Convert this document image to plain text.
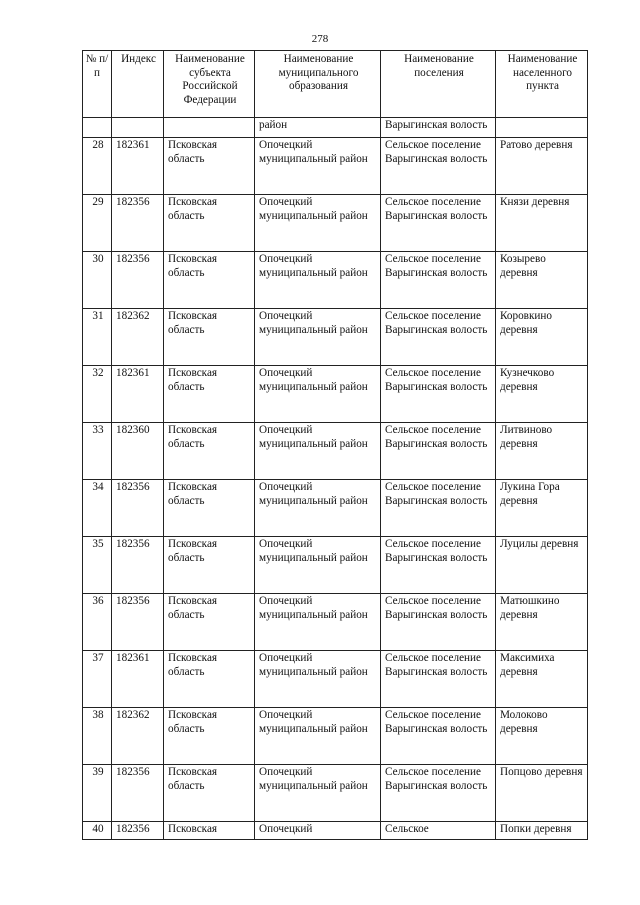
278
№ п/п	Индекс	Наименование субъекта Российской Федерации	Наименование муниципального образования	Наименование поселения	Наименование населенного пункта
			район	Варыгинская волость	
28	182361	Псковская область	Опочецкий муниципальный район	Сельское поселение Варыгинская волость	Ратово деревня
29	182356	Псковская область	Опочецкий муниципальный район	Сельское поселение Варыгинская волость	Князи деревня
30	182356	Псковская область	Опочецкий муниципальный район	Сельское поселение Варыгинская волость	Козырево деревня
31	182362	Псковская область	Опочецкий муниципальный район	Сельское поселение Варыгинская волость	Коровкино деревня
32	182361	Псковская область	Опочецкий муниципальный район	Сельское поселение Варыгинская волость	Кузнечково деревня
33	182360	Псковская область	Опочецкий муниципальный район	Сельское поселение Варыгинская волость	Литвиново деревня
34	182356	Псковская область	Опочецкий муниципальный район	Сельское поселение Варыгинская волость	Лукина Гора деревня
35	182356	Псковская область	Опочецкий муниципальный район	Сельское поселение Варыгинская волость	Луцилы деревня
36	182356	Псковская область	Опочецкий муниципальный район	Сельское поселение Варыгинская волость	Матюшкино деревня
37	182361	Псковская область	Опочецкий муниципальный район	Сельское поселение Варыгинская волость	Максимиха деревня
38	182362	Псковская область	Опочецкий муниципальный район	Сельское поселение Варыгинская волость	Молоково деревня
39	182356	Псковская область	Опочецкий муниципальный район	Сельское поселение Варыгинская волость	Попцово деревня
40	182356	Псковская	Опочецкий	Сельское	Попки деревня
